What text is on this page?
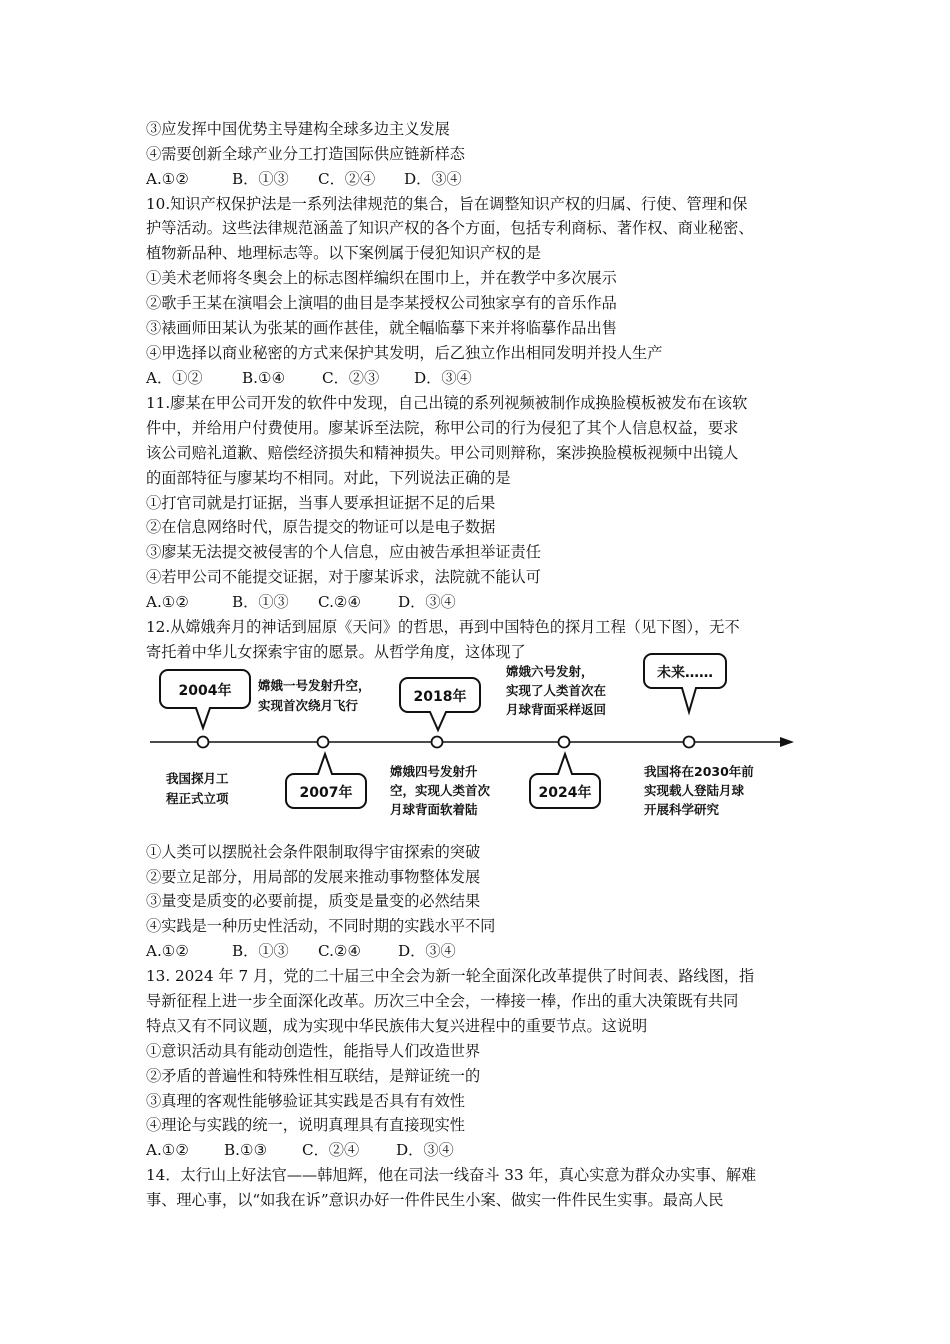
③应发挥中国优势主导建构全球多边主义发展
④需要创新全球产业分工打造国际供应链新样态
A.①②	B．①③ C．②④ D．③④
10.知识产权保护法是一系列法律规范的集合，旨在调整知识产权的归属、行使、管理和保
护等活动。这些法律规范涵盖了知识产权的各个方面，包括专利商标、著作权、商业秘密、
植物新品种、地理标志等。以下案例属于侵犯知识产权的是
①美术老师将冬奥会上的标志图样编织在围巾上，并在教学中多次展示
②歌手王某在演唱会上演唱的曲目是李某授权公司独家享有的音乐作品
③裱画师田某认为张某的画作甚佳，就全幅临摹下来并将临摹作品出售
④甲选择以商业秘密的方式来保护其发明，后乙独立作出相同发明并投人生产
A．①②	B.①④ C．②③ D．③④
11.廖某在甲公司开发的软件中发现，自己出镜的系列视频被制作成换脸模板被发布在该软
件中，并给用户付费使用。廖某诉至法院，称甲公司的行为侵犯了其个人信息权益，要求
该公司赔礼道歉、赔偿经济损失和精神损失。甲公司则辩称，案涉换脸模板视频中出镜人
的面部特征与廖某均不相同。对此，下列说法正确的是
①打官司就是打证据，当事人要承担证据不足的后果
②在信息网络时代，原告提交的物证可以是电子数据
③廖某无法提交被侵害的个人信息，应由被告承担举证责任
④若甲公司不能提交证据，对于廖某诉求，法院就不能认可
A.①②	B．①③ C.②④ D．③④
12.从嫦娥奔月的神话到屈原《天问》的哲思，再到中国特色的探月工程（见下图），无不
寄托着中华儿女探索宇宙的愿景。从哲学角度，这体现了
2004年
我国探月工
程正式立项
嫦娥一号发射升空，
实现首次绕月飞行
2007年
2018年
嫦娥四号发射升
空，实现人类首次
月球背面软着陆
嫦娥六号发射，
实现了人类首次在
月球背面采样返回
2024年
未来……
我国将在2030年前
实现载人登陆月球
开展科学研究
①人类可以摆脱社会条件限制取得宇宙探索的突破
②要立足部分，用局部的发展来推动事物整体发展
③量变是质变的必要前提，质变是量变的必然结果
④实践是一种历史性活动，不同时期的实践水平不同
A.①②	B．①③ C.②④ D．③④
13. 2024 年 7 月，党的二十届三中全会为新一轮全面深化改革提供了时间表、路线图，指
导新征程上进一步全面深化改革。历次三中全会，一棒接一棒，作出的重大决策既有共同
特点又有不同议题，成为实现中华民族伟大复兴进程中的重要节点。这说明
①意识活动具有能动创造性，能指导人们改造世界
②矛盾的普遍性和特殊性相互联结，是辩证统一的
③真理的客观性能够验证其实践是否具有有效性
④理论与实践的统一，说明真理具有直接现实性
A.①② B.①③ C．②④ D．③④
14．太行山上好法官——韩旭辉，他在司法一线奋斗 33 年，真心实意为群众办实事、解难
事、理心事，以“如我在诉”意识办好一件件民生小案、做实一件件民生实事。最高人民
